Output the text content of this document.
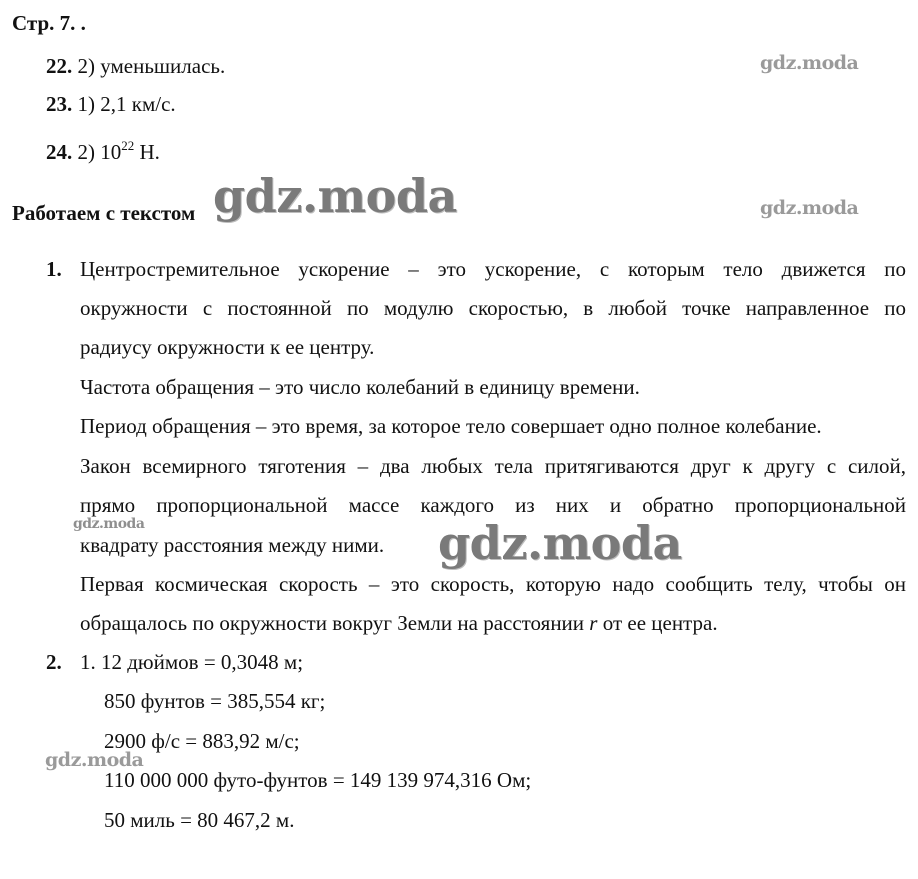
Стр. 7. .
22. 2) уменьшилась.
23. 1) 2,1 км/с.
24. 2) $10^{22}$ Н.
Работаем с текстом
1. Центростремительное ускорение – это ускорение, с которым тело движется по
окружности с постоянной по модулю скоростью, в любой точке направленное по
радиусу окружности к ее центру.
Частота обращения – это число колебаний в единицу времени.
Период обращения – это время, за которое тело совершает одно полное колебание.
Закон всемирного тяготения – два любых тела притягиваются друг к другу с силой,
прямо пропорциональной массе каждого из них и обратно пропорциональной
квадрату расстояния между ними.
Первая космическая скорость – это скорость, которую надо сообщить телу, чтобы он
обращалось по окружности вокруг Земли на расстоянии r от ее центра.
2. 1. 12 дюймов = 0,3048 м;
850 фунтов = 385,554 кг;
2900 ф/с = 883,92 м/с;
110 000 000 футо-фунтов = 149 139 974,316 Ом;
50 миль = 80 467,2 м.
gdz.moda
gdz.moda
gdz.moda
gdz.moda
gdz.moda
gdz.moda
